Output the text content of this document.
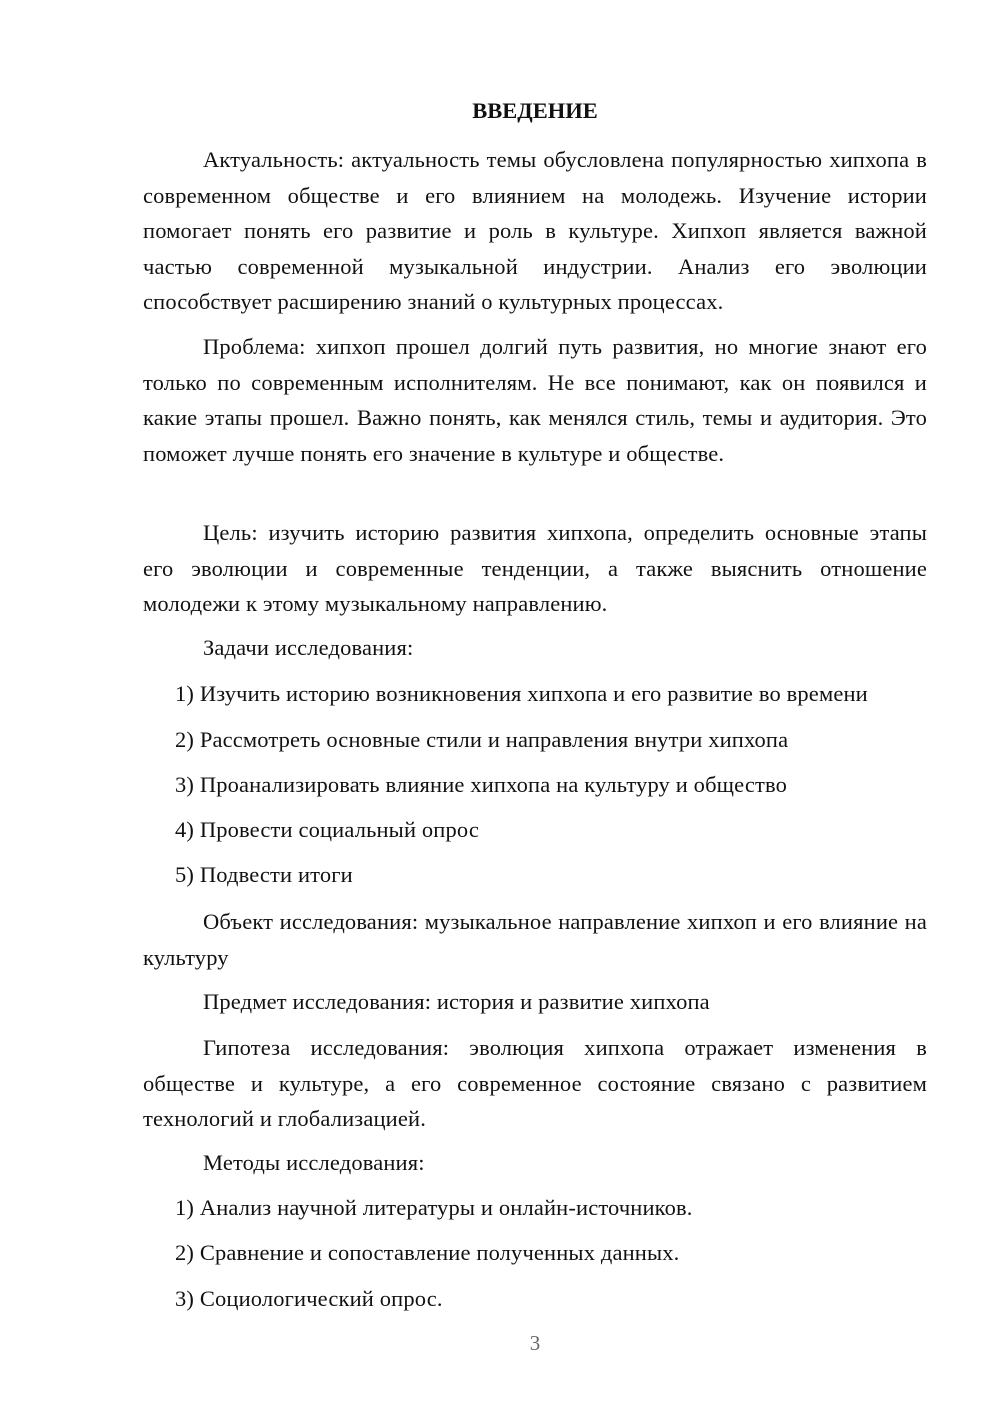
ВВЕДЕНИЕ

Актуальность: актуальность темы обусловлена популярностью хипхопа в современном обществе и его влиянием на молодежь. Изучение истории помогает понять его развитие и роль в культуре. Хипхоп является важной частью современной музыкальной индустрии. Анализ его эволюции способствует расширению знаний о культурных процессах.

Проблема: хипхоп прошел долгий путь развития, но многие знают его только по современным исполнителям. Не все понимают, как он появился и какие этапы прошел. Важно понять, как менялся стиль, темы и аудитория. Это поможет лучше понять его значение в культуре и обществе.

Цель: изучить историю развития хипхопа, определить основные этапы его эволюции и современные тенденции, а также выяснить отношение молодежи к этому музыкальному направлению.

Задачи исследования:

1) Изучить историю возникновения хипхопа и его развитие во времени

2) Рассмотреть основные стили и направления внутри хипхопа

3) Проанализировать влияние хипхопа на культуру и общество

4) Провести социальный опрос

5) Подвести итоги

Объект исследования: музыкальное направление хипхоп и его влияние на культуру

Предмет исследования: история и развитие хипхопа

Гипотеза исследования: эволюция хипхопа отражает изменения в обществе и культуре, а его современное состояние связано с развитием технологий и глобализацией.

Методы исследования:

1) Анализ научной литературы и онлайн-источников.

2) Сравнение и сопоставление полученных данных.

3) Социологический опрос.

3
